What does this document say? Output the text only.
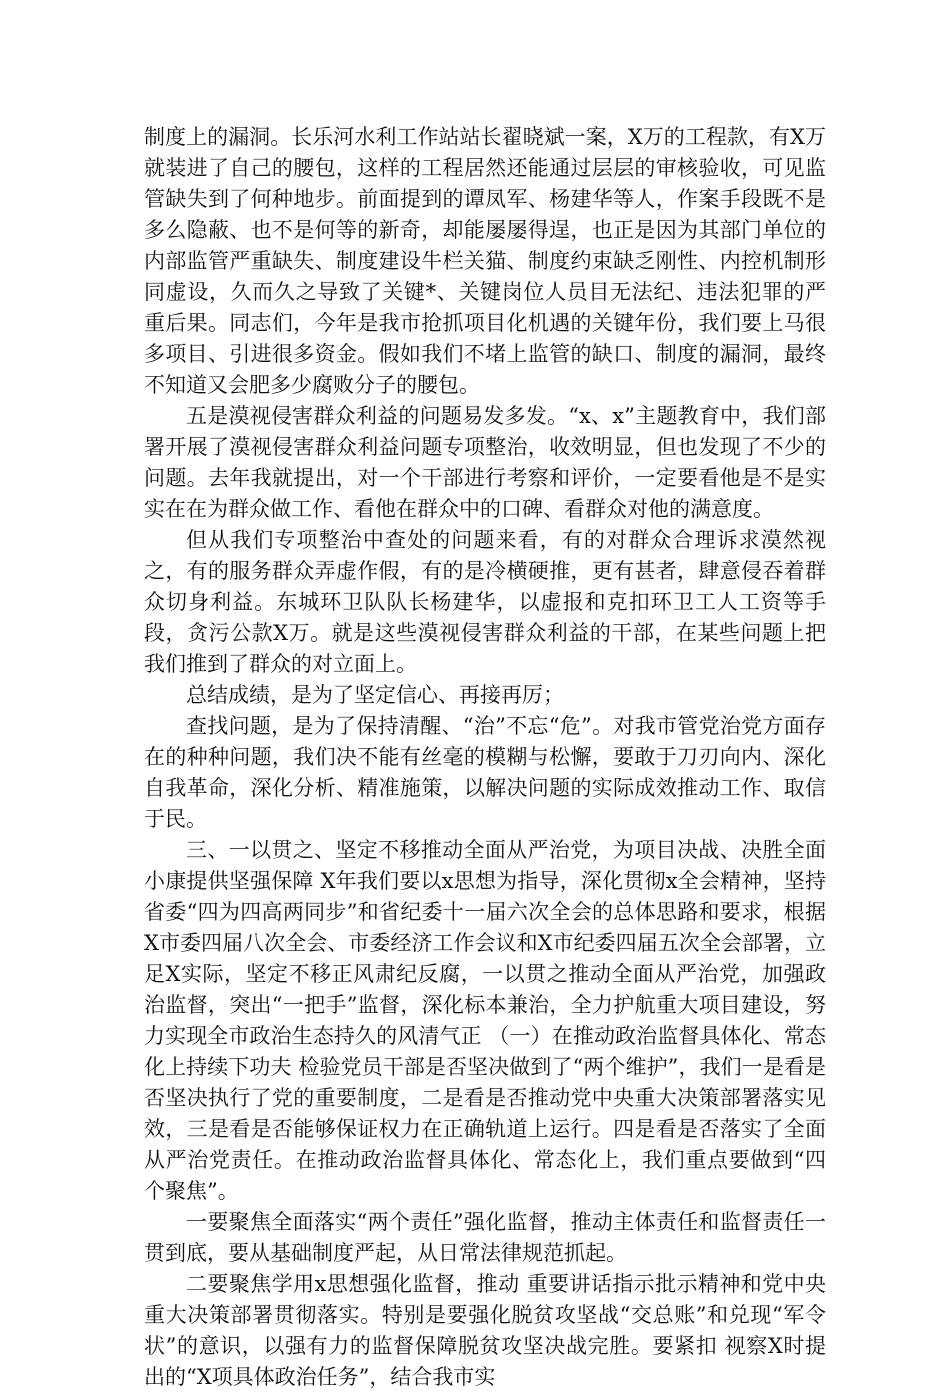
制度上的漏洞。长乐河水利工作站站长翟晓斌一案，X万的工程款，有X万就装进了自己的腰包，这样的工程居然还能通过层层的审核验收，可见监管缺失到了何种地步。前面提到的谭凤军、杨建华等人，作案手段既不是多么隐蔽、也不是何等的新奇，却能屡屡得逞，也正是因为其部门单位的内部监管严重缺失、制度建设牛栏关猫、制度约束缺乏刚性、内控机制形同虚设，久而久之导致了关键*、关键岗位人员目无法纪、违法犯罪的严重后果。同志们，今年是我市抢抓项目化机遇的关键年份，我们要上马很多项目、引进很多资金。假如我们不堵上监管的缺口、制度的漏洞，最终不知道又会肥多少腐败分子的腰包。

五是漠视侵害群众利益的问题易发多发。“x、x”主题教育中，我们部署开展了漠视侵害群众利益问题专项整治，收效明显，但也发现了不少的问题。去年我就提出，对一个干部进行考察和评价，一定要看他是不是实实在在为群众做工作、看他在群众中的口碑、看群众对他的满意度。

但从我们专项整治中查处的问题来看，有的对群众合理诉求漠然视之，有的服务群众弄虚作假，有的是冷横硬推，更有甚者，肆意侵吞着群众切身利益。东城环卫队队长杨建华，以虚报和克扣环卫工人工资等手段，贪污公款X万。就是这些漠视侵害群众利益的干部，在某些问题上把我们推到了群众的对立面上。

总结成绩，是为了坚定信心、再接再厉；

查找问题，是为了保持清醒、“治”不忘“危”。对我市管党治党方面存在的种种问题，我们决不能有丝毫的模糊与松懈，要敢于刀刃向内、深化自我革命，深化分析、精准施策，以解决问题的实际成效推动工作、取信于民。

三、一以贯之、坚定不移推动全面从严治党，为项目决战、决胜全面小康提供坚强保障 X年我们要以x思想为指导，深化贯彻x全会精神，坚持省委“四为四高两同步”和省纪委十一届六次全会的总体思路和要求，根据X市委四届八次全会、市委经济工作会议和X市纪委四届五次全会部署，立足X实际，坚定不移正风肃纪反腐，一以贯之推动全面从严治党，加强政治监督，突出“一把手”监督，深化标本兼治，全力护航重大项目建设，努力实现全市政治生态持久的风清气正 （一）在推动政治监督具体化、常态化上持续下功夫 检验党员干部是否坚决做到了“两个维护”，我们一是看是否坚决执行了党的重要制度，二是看是否推动党中央重大决策部署落实见效，三是看是否能够保证权力在正确轨道上运行。四是看是否落实了全面从严治党责任。在推动政治监督具体化、常态化上，我们重点要做到“四个聚焦”。

一要聚焦全面落实“两个责任”强化监督，推动主体责任和监督责任一贯到底，要从基础制度严起，从日常法律规范抓起。

二要聚焦学用x思想强化监督，推动 重要讲话指示批示精神和党中央重大决策部署贯彻落实。特别是要强化脱贫攻坚战“交总账”和兑现“军令状”的意识，以强有力的监督保障脱贫攻坚决战完胜。要紧扣 视察X时提出的“X项具体政治任务”，结合我市实
